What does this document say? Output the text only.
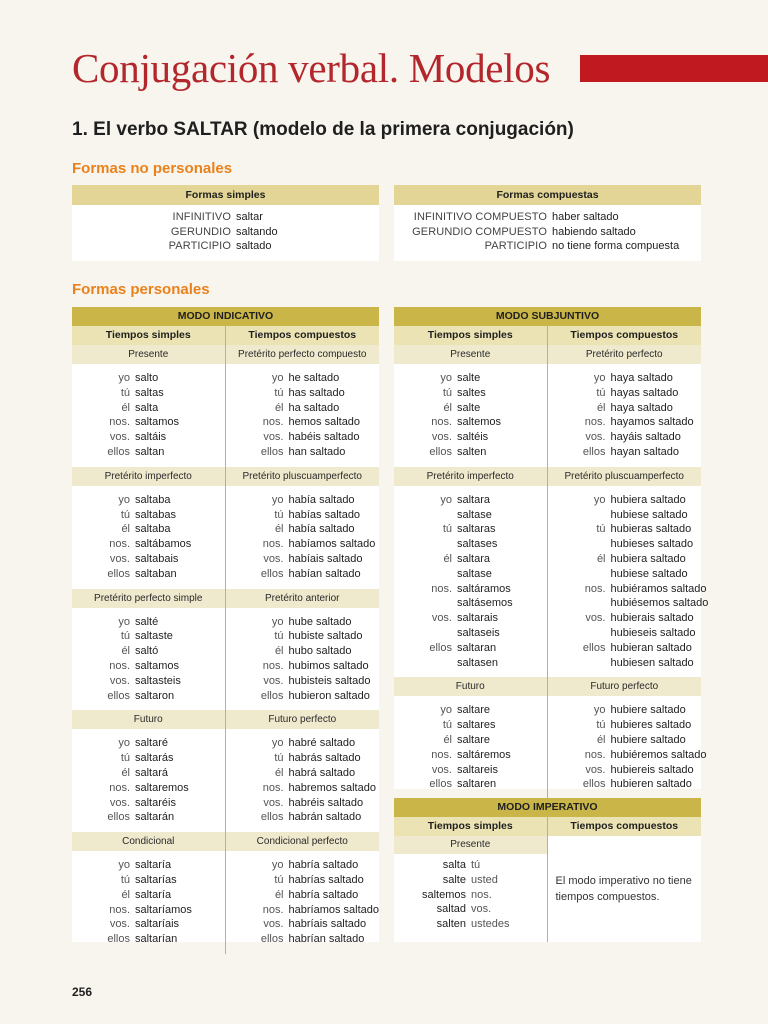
Conjugación verbal. Modelos
1. El verbo SALTAR (modelo de la primera conjugación)
Formas no personales
Formas simples
INFINITIVO saltar
GERUNDIO saltando
PARTICIPIO saltado
Formas compuestas
INFINITIVO COMPUESTO haber saltado
GERUNDIO COMPUESTO habiendo saltado
PARTICIPIO no tiene forma compuesta
Formas personales
MODO INDICATIVO
Tiempos simples	Tiempos compuestos
Presente
yo salto
tú saltas
él salta
nos. saltamos
vos. saltáis
ellos saltan
Pretérito perfecto compuesto
yo he saltado
tú has saltado
él ha saltado
nos. hemos saltado
vos. habéis saltado
ellos han saltado
Pretérito imperfecto
yo saltaba
tú saltabas
él saltaba
nos. saltábamos
vos. saltabais
ellos saltaban
Pretérito pluscuamperfecto
yo había saltado
tú habías saltado
él había saltado
nos. habíamos saltado
vos. habíais saltado
ellos habían saltado
Pretérito perfecto simple
yo salté
tú saltaste
él saltó
nos. saltamos
vos. saltasteis
ellos saltaron
Pretérito anterior
yo hube saltado
tú hubiste saltado
él hubo saltado
nos. hubimos saltado
vos. hubisteis saltado
ellos hubieron saltado
Futuro
yo saltaré
tú saltarás
él saltará
nos. saltaremos
vos. saltaréis
ellos saltarán
Futuro perfecto
yo habré saltado
tú habrás saltado
él habrá saltado
nos. habremos saltado
vos. habréis saltado
ellos habrán saltado
Condicional
yo saltaría
tú saltarías
él saltaría
nos. saltaríamos
vos. saltaríais
ellos saltarían
Condicional perfecto
yo habría saltado
tú habrías saltado
él habría saltado
nos. habríamos saltado
vos. habríais saltado
ellos habrían saltado
MODO SUBJUNTIVO
Tiempos simples	Tiempos compuestos
Presente
yo salte
tú saltes
él salte
nos. saltemos
vos. saltéis
ellos salten
Pretérito perfecto
yo haya saltado
tú hayas saltado
él haya saltado
nos. hayamos saltado
vos. hayáis saltado
ellos hayan saltado
Pretérito imperfecto
yo saltara
saltase
tú saltaras
saltases
él saltara
saltase
nos. saltáramos
saltásemos
vos. saltarais
saltaseis
ellos saltaran
saltasen
Pretérito pluscuamperfecto
yo hubiera saltado
hubiese saltado
tú hubieras saltado
hubieses saltado
él hubiera saltado
hubiese saltado
nos. hubiéramos saltado
hubiésemos saltado
vos. hubierais saltado
hubieseis saltado
ellos hubieran saltado
hubiesen saltado
Futuro
yo saltare
tú saltares
él saltare
nos. saltáremos
vos. saltareis
ellos saltaren
Futuro perfecto
yo hubiere saltado
tú hubieres saltado
él hubiere saltado
nos. hubiéremos saltado
vos. hubiereis saltado
ellos hubieren saltado
MODO IMPERATIVO
Tiempos simples	Tiempos compuestos
Presente
salta tú
salte usted
saltemos nos.
saltad vos.
salten ustedes
El modo imperativo no tiene tiempos compuestos.
256
